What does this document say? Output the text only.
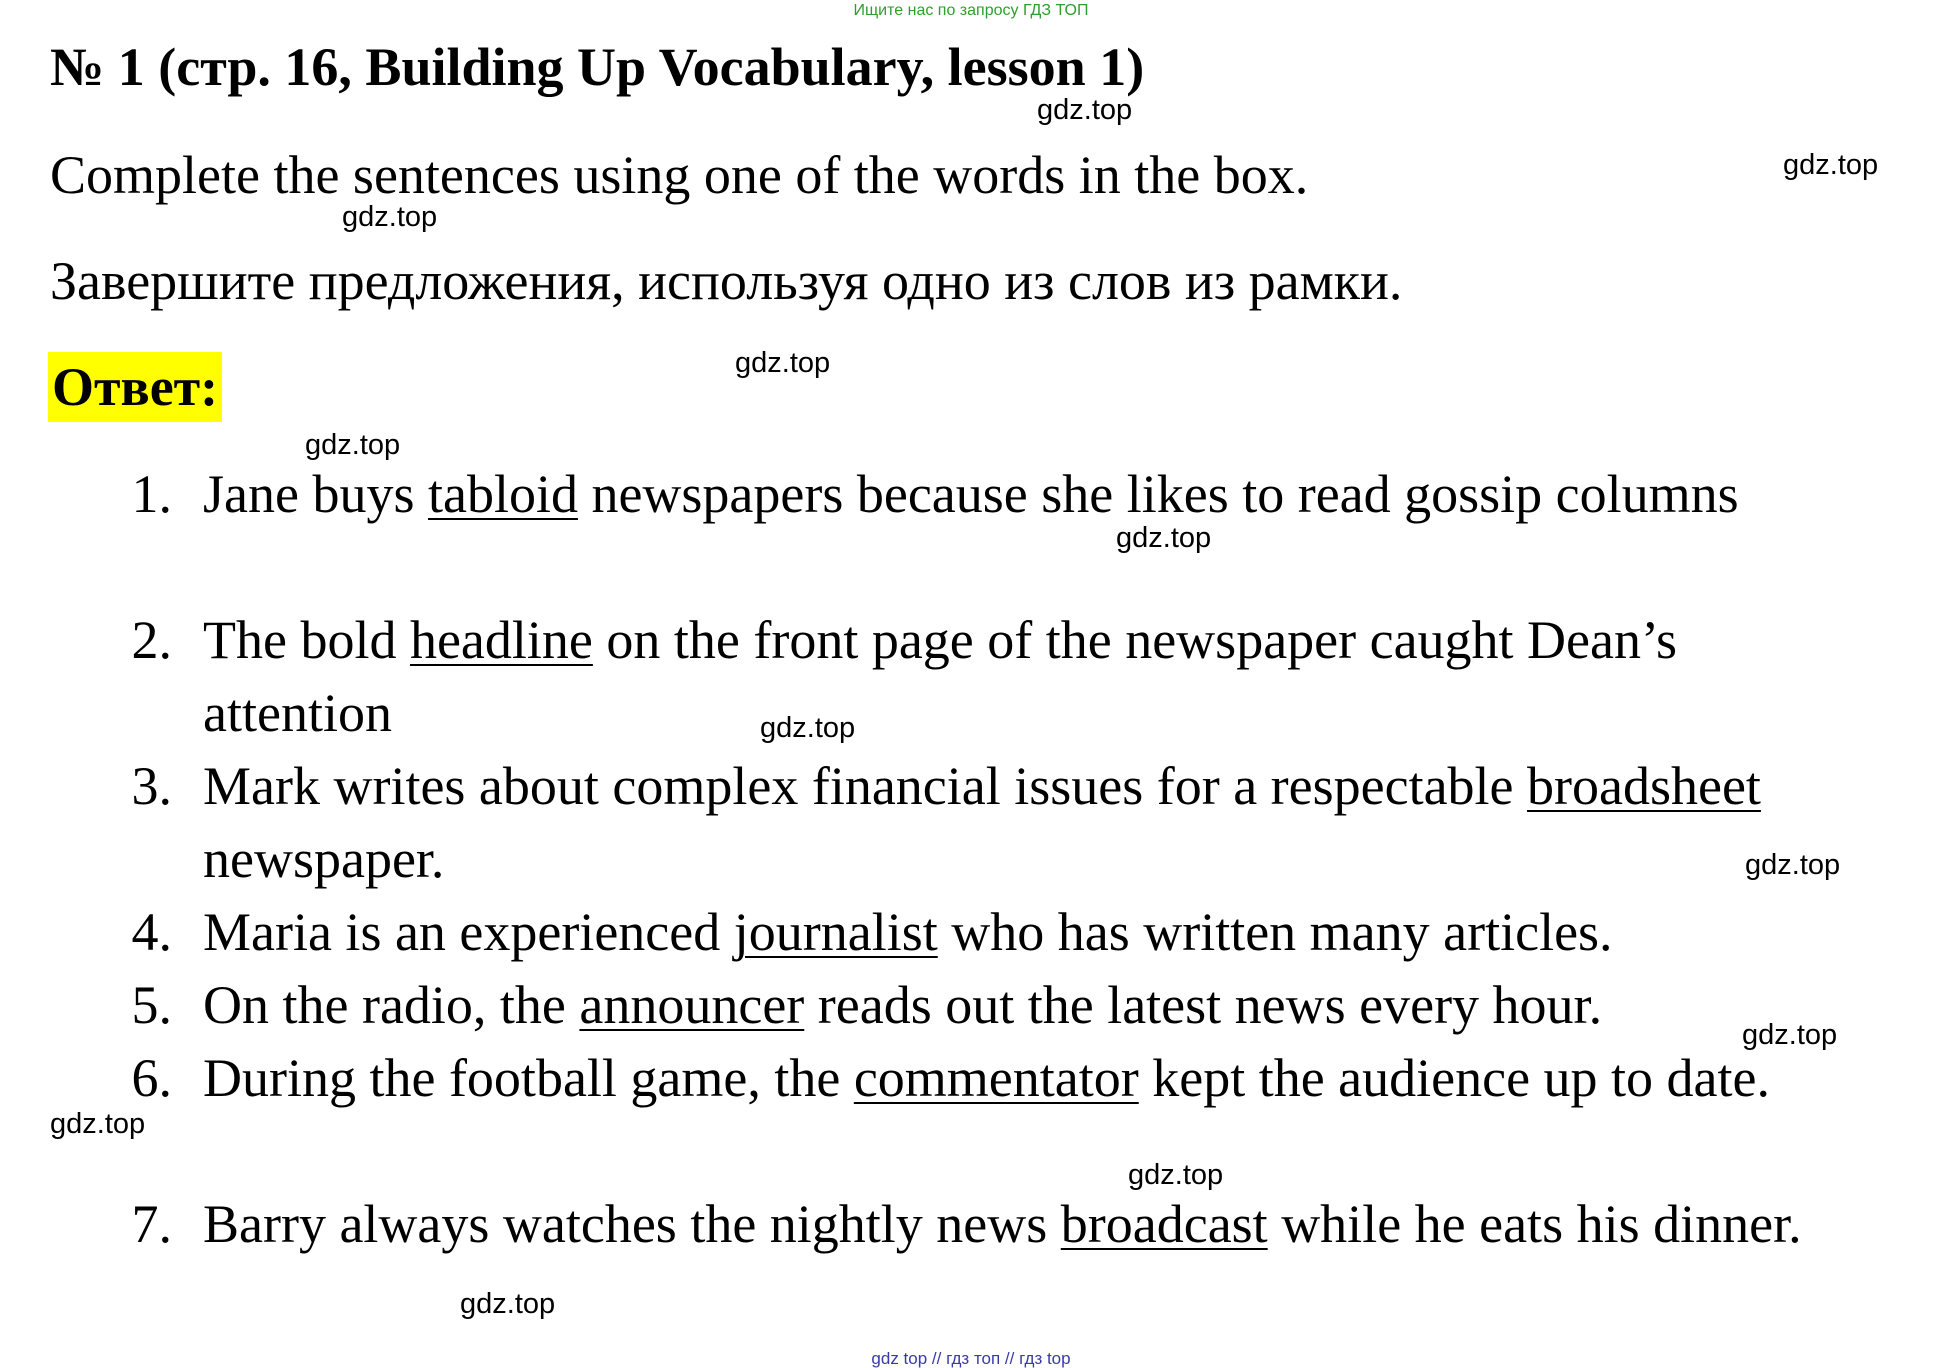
Ищите нас по запросу ГДЗ ТОП
№ 1 (стр. 16, Building Up Vocabulary, lesson 1)

Complete the sentences using one of the words in the box.

Завершите предложения, используя одно из слов из рамки.

Ответ:
1. Jane buys tabloid newspapers because she likes to read gossip columns
2. The bold headline on the front page of the newspaper caught Dean’s attention
3. Mark writes about complex financial issues for a respectable broadsheet newspaper.
4. Maria is an experienced journalist who has written many articles.
5. On the radio, the announcer reads out the latest news every hour.
6. During the football game, the commentator kept the audience up to date.
7. Barry always watches the nightly news broadcast while he eats his dinner.
gdz.top
gdz.top
gdz.top
gdz.top
gdz.top
gdz.top
gdz.top
gdz.top
gdz.top
gdz.top
gdz.top
gdz.top
gdz top // гдз топ // гдз top
